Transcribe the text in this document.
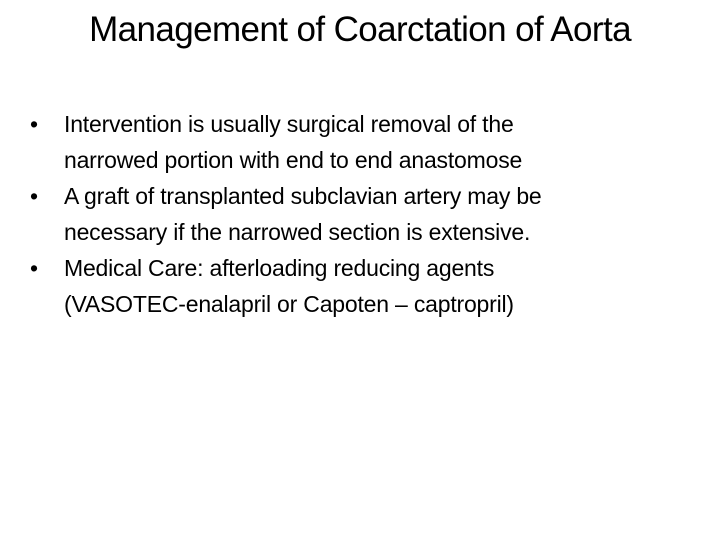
Management of Coarctation of Aorta
•	Intervention is usually surgical removal of the
narrowed portion with end to end anastomose
•	A graft of transplanted subclavian artery may be
necessary if the narrowed section is extensive.
•	Medical Care: afterloading reducing agents
(VASOTEC-enalapril or Capoten – captropril)
